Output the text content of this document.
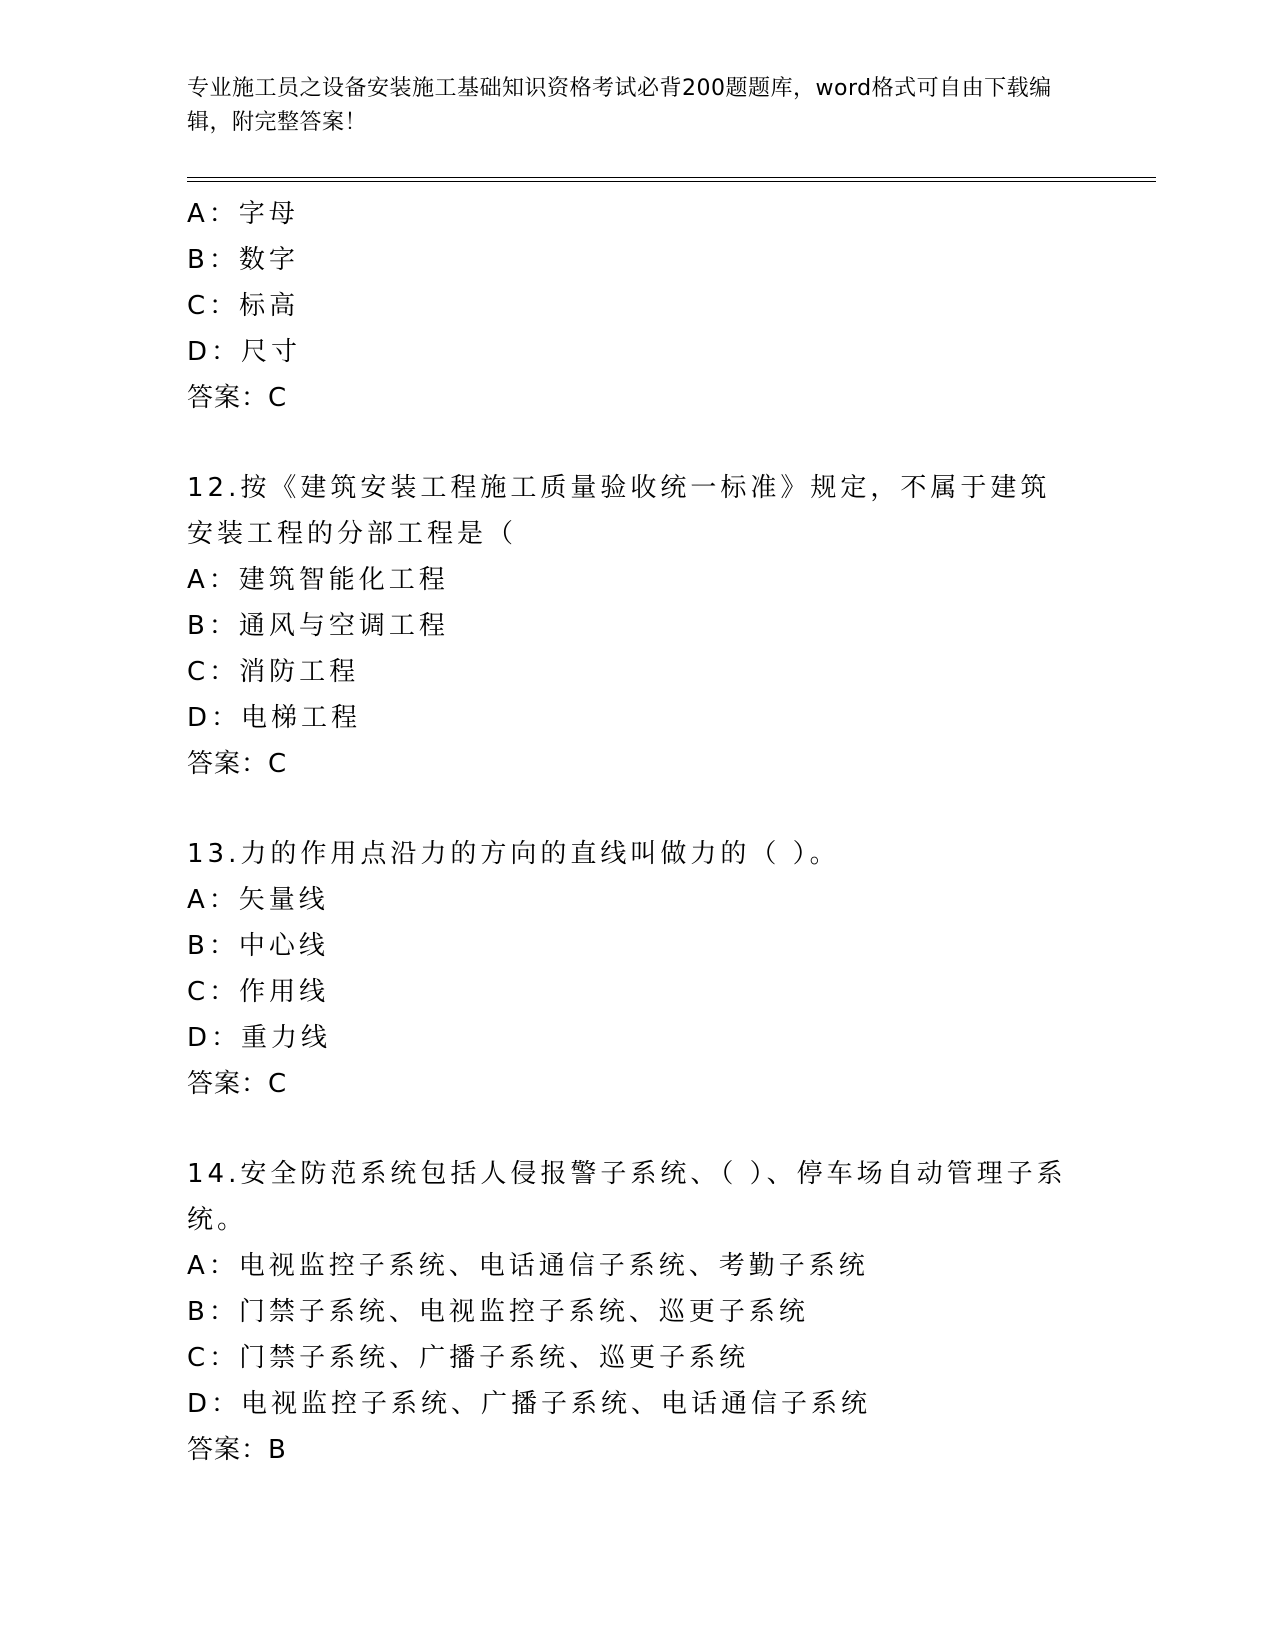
专业施工员之设备安装施工基础知识资格考试必背200题题库，word格式可自由下载编辑，附完整答案！
A：字母
B：数字
C：标高
D：尺寸
答案：C
12.按《建筑安装工程施工质量验收统一标准》规定，不属于建筑安装工程的分部工程是（
A：建筑智能化工程
B：通风与空调工程
C：消防工程
D：电梯工程
答案：C
13.力的作用点沿力的方向的直线叫做力的（ ）。
A：矢量线
B：中心线
C：作用线
D：重力线
答案：C
14.安全防范系统包括人侵报警子系统、（ ）、停车场自动管理子系统。
A：电视监控子系统、电话通信子系统、考勤子系统
B：门禁子系统、电视监控子系统、巡更子系统
C：门禁子系统、广播子系统、巡更子系统
D：电视监控子系统、广播子系统、电话通信子系统
答案：B
